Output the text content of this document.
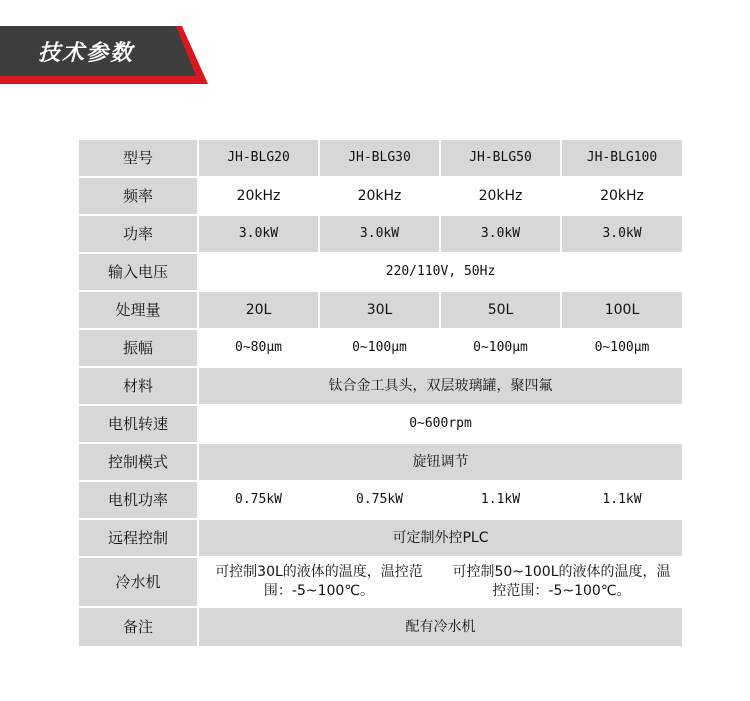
技术参数
型号	JH-BLG20	JH-BLG30	JH-BLG50	JH-BLG100
频率	20kHz	20kHz	20kHz	20kHz
功率	3.0kW	3.0kW	3.0kW	3.0kW
输入电压	220/110V, 50Hz			
处理量	20L	30L	50L	100L
振幅	0~80μm	0~100μm	0~100μm	0~100μm
材料	钛合金工具头，双层玻璃罐，聚四氟			
电机转速	0~600rpm			
控制模式	旋钮调节			
电机功率	0.75kW	0.75kW	1.1kW	1.1kW
远程控制	可定制外控PLC			
冷水机	可控制30L的液体的温度，温控范围：-5~100℃。		可控制50~100L的液体的温度，温控范围：-5~100℃。	
备注	配有冷水机			
